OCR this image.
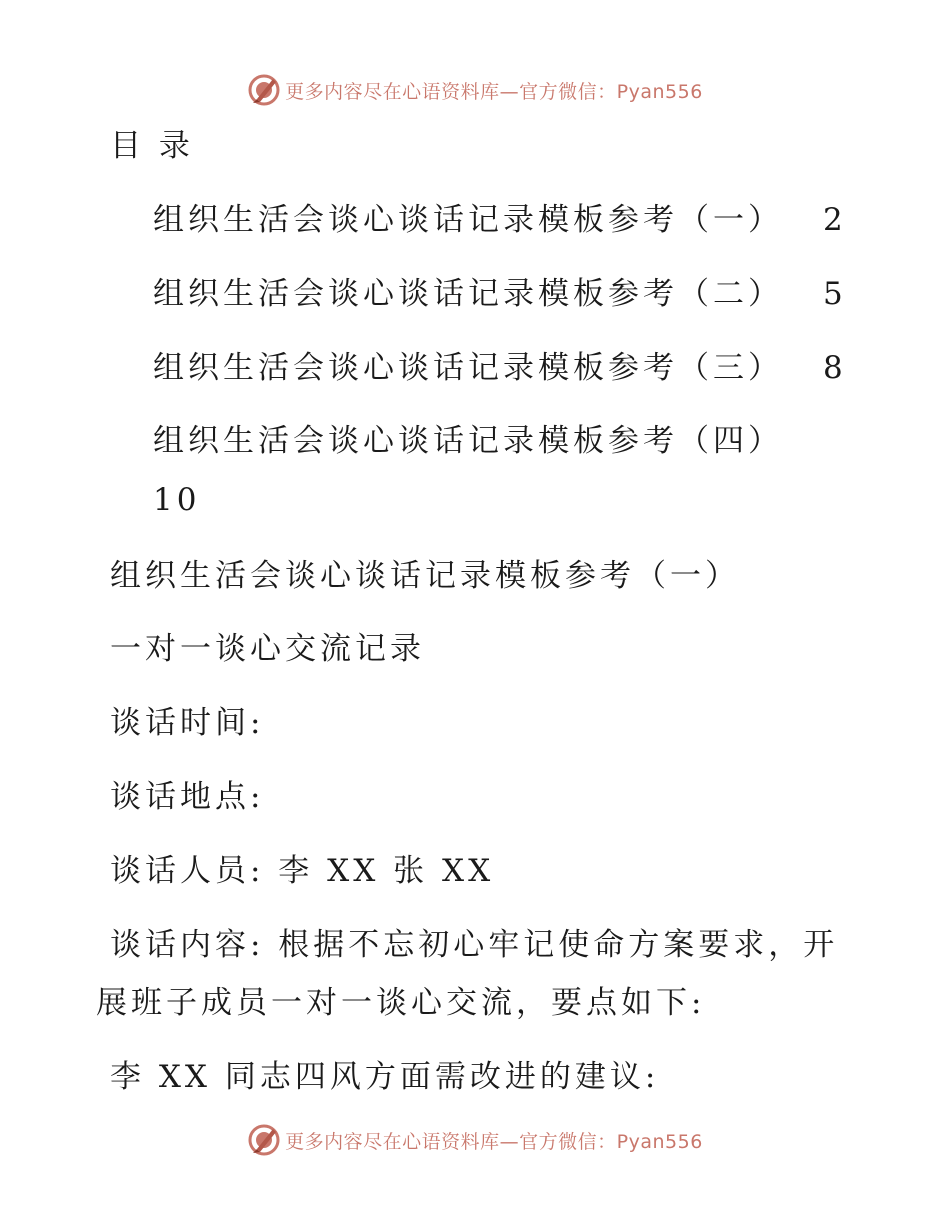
更多内容尽在心语资料库—官方微信：Pyan556
目 录
组织生活会谈心谈话记录模板参考（一） 2
组织生活会谈心谈话记录模板参考（二） 5
组织生活会谈心谈话记录模板参考（三） 8
组织生活会谈心谈话记录模板参考（四）
10
组织生活会谈心谈话记录模板参考（一）
一对一谈心交流记录
谈话时间:
谈话地点:
谈话人员: 李 XX 张 XX
谈话内容: 根据不忘初心牢记使命方案要求，开
展班子成员一对一谈心交流，要点如下:
李 XX 同志四风方面需改进的建议:
更多内容尽在心语资料库—官方微信：Pyan556
